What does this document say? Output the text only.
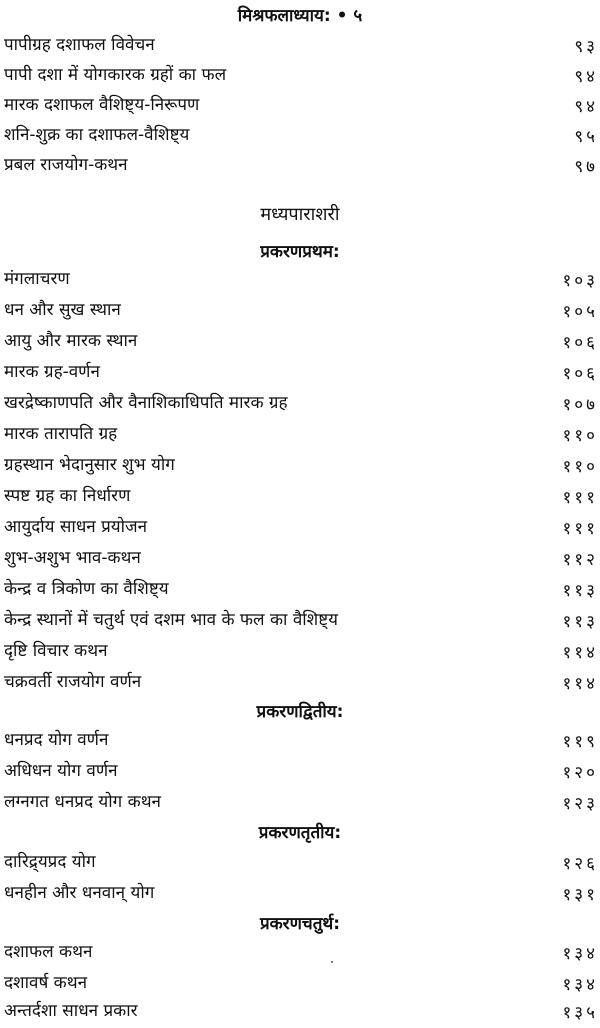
मिश्रफलाध्याय: • ५
पापीग्रह दशाफल विवेचन	९३
पापी दशा में योगकारक ग्रहों का फल	९४
मारक दशाफल वैशिष्ट्य-निरूपण	९४
शनि-शुक्र का दशाफल-वैशिष्ट्य	९५
प्रबल राजयोग-कथन	९७
मध्यपाराशरी
प्रकरणप्रथम:
मंगलाचरण	१०३
धन और सुख स्थान	१०५
आयु और मारक स्थान	१०६
मारक ग्रह-वर्णन	१०६
खरद्रेष्काणपति और वैनाशिकाधिपति मारक ग्रह	१०७
मारक तारापति ग्रह	११०
ग्रहस्थान भेदानुसार शुभ योग	११०
स्पष्ट ग्रह का निर्धारण	१११
आयुर्दाय साधन प्रयोजन	१११
शुभ-अशुभ भाव-कथन	११२
केन्द्र व त्रिकोण का वैशिष्ट्य	११३
केन्द्र स्थानों में चतुर्थ एवं दशम भाव के फल का वैशिष्ट्य	११३
दृष्टि विचार कथन	११४
चक्रवर्ती राजयोग वर्णन	११४
प्रकरणद्वितीय:
धनप्रद योग वर्णन	११९
अधिधन योग वर्णन	१२०
लग्नगत धनप्रद योग कथन	१२३
प्रकरणतृतीय:
दारिद्र्यप्रद योग	१२६
धनहीन और धनवान् योग	१३१
प्रकरणचतुर्थ:
दशाफल कथन	१३४
दशावर्ष कथन	१३४
अन्तर्दशा साधन प्रकार	१३५
